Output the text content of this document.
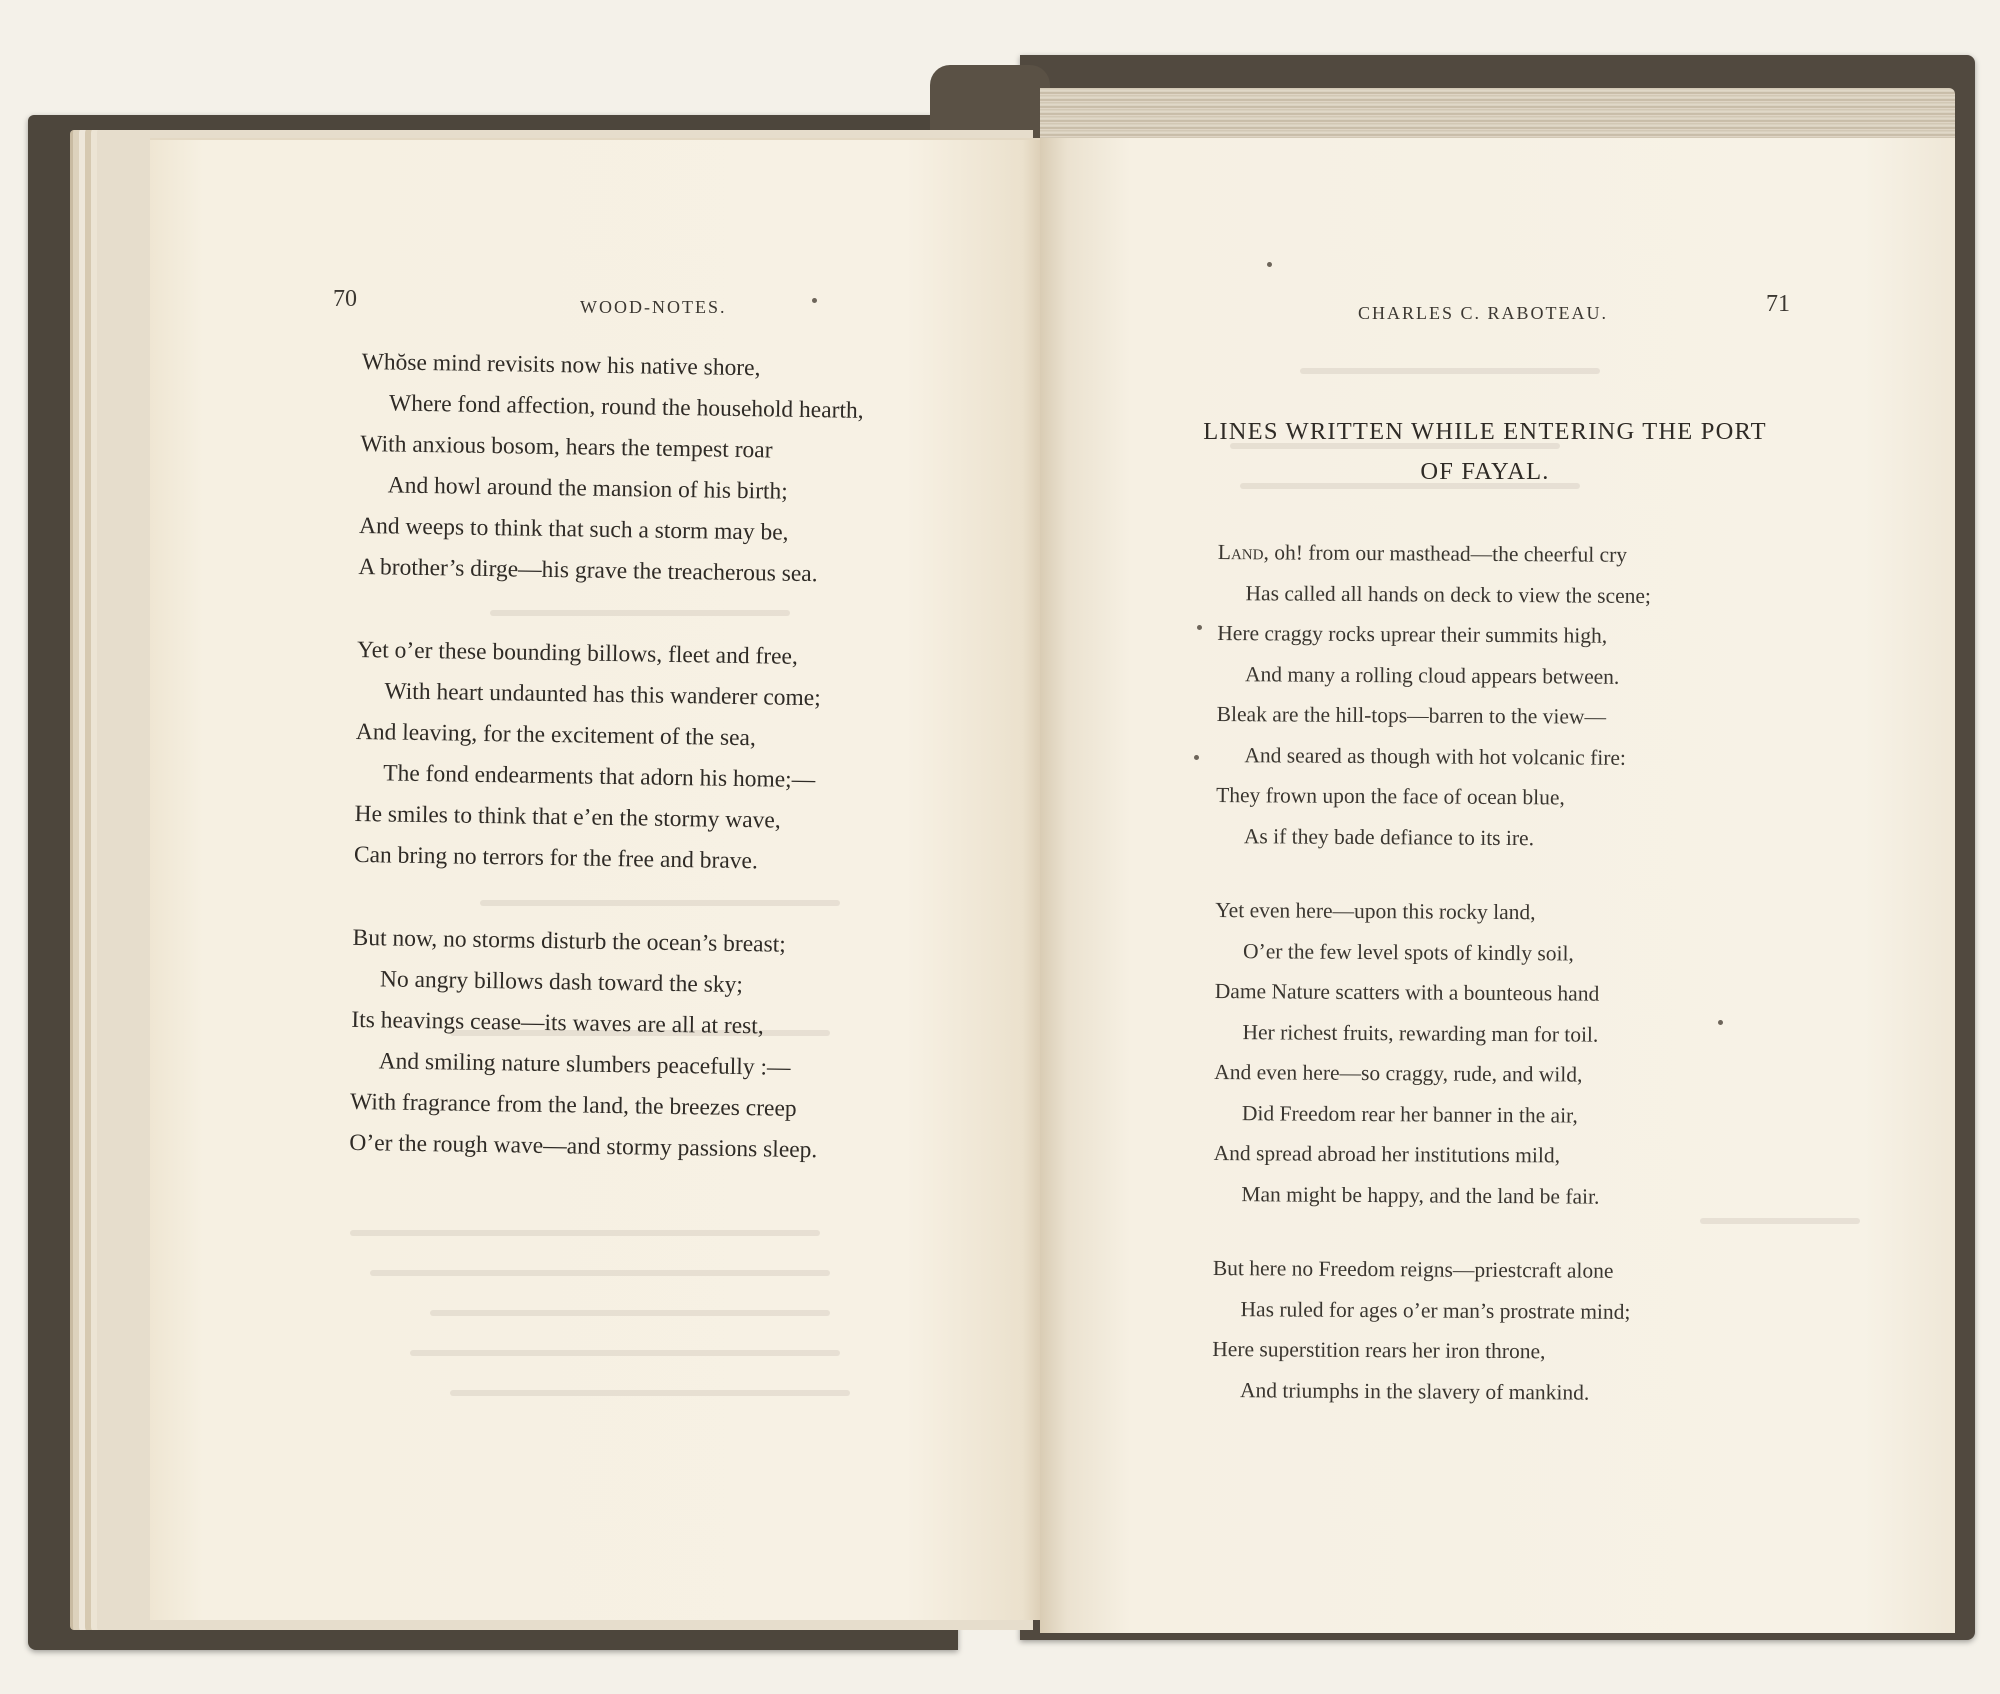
70	WOOD-NOTES.
Whŏse mind revisits now his native shore,
Where fond affection, round the household hearth,
With anxious bosom, hears the tempest roar
And howl around the mansion of his birth;
And weeps to think that such a storm may be,
A brother’s dirge—his grave the treacherous sea.
Yet o’er these bounding billows, fleet and free,
With heart undaunted has this wanderer come;
And leaving, for the excitement of the sea,
The fond endearments that adorn his home;—
He smiles to think that e’en the stormy wave,
Can bring no terrors for the free and brave.
But now, no storms disturb the ocean’s breast;
No angry billows dash toward the sky;
Its heavings cease—its waves are all at rest,
And smiling nature slumbers peacefully :—
With fragrance from the land, the breezes creep
O’er the rough wave—and stormy passions sleep.
CHARLES C. RABOTEAU.	71
LINES WRITTEN WHILE ENTERING THE PORT
OF FAYAL.
Land, oh! from our masthead—the cheerful cry
Has called all hands on deck to view the scene;
Here craggy rocks uprear their summits high,
And many a rolling cloud appears between.
Bleak are the hill-tops—barren to the view—
And seared as though with hot volcanic fire:
They frown upon the face of ocean blue,
As if they bade defiance to its ire.
Yet even here—upon this rocky land,
O’er the few level spots of kindly soil,
Dame Nature scatters with a bounteous hand
Her richest fruits, rewarding man for toil.
And even here—so craggy, rude, and wild,
Did Freedom rear her banner in the air,
And spread abroad her institutions mild,
Man might be happy, and the land be fair.
But here no Freedom reigns—priestcraft alone
Has ruled for ages o’er man’s prostrate mind;
Here superstition rears her iron throne,
And triumphs in the slavery of mankind.
